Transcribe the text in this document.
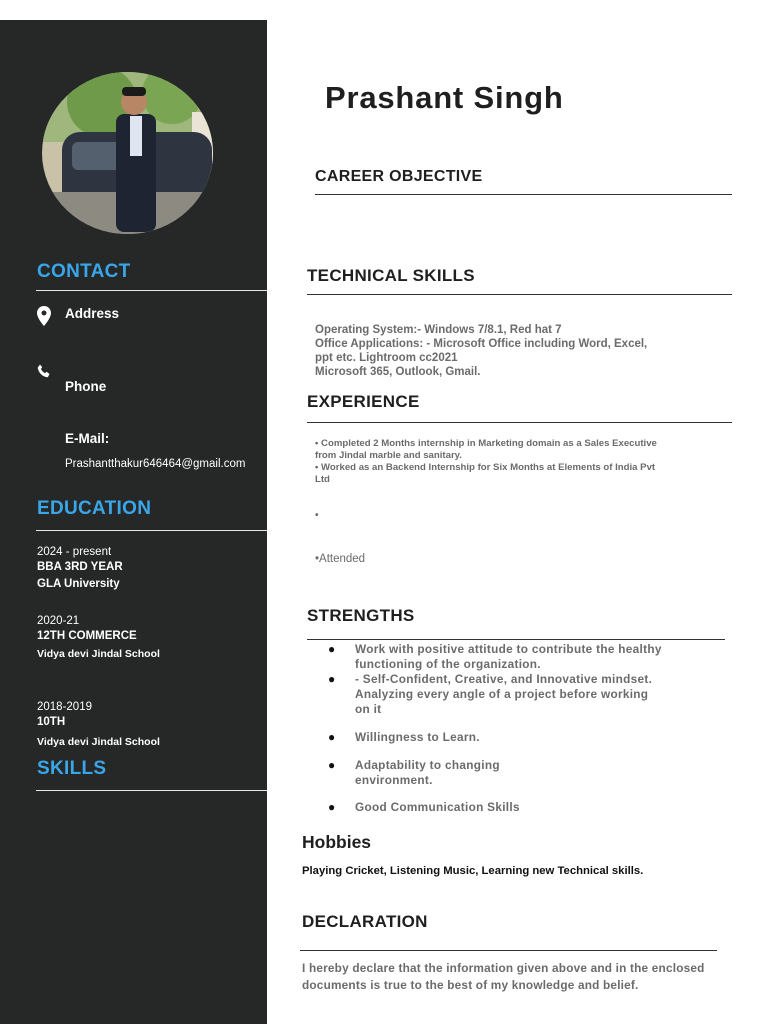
CONTACT
Address
Phone
E-Mail:
Prashantthakur646464@gmail.com
EDUCATION
2024 - present
BBA 3RD YEAR
GLA University
2020-21
12TH COMMERCE
Vidya devi Jindal School
2018-2019
10TH
Vidya devi Jindal School
SKILLS
Prashant Singh
CAREER OBJECTIVE
TECHNICAL SKILLS
Operating System:- Windows 7/8.1, Red hat 7
Office Applications: - Microsoft Office including Word, Excel,
ppt etc. Lightroom cc2021
Microsoft 365, Outlook, Gmail.
EXPERIENCE
• Completed 2 Months internship in Marketing domain as a Sales Executive
from Jindal marble and sanitary.
• Worked as an Backend Internship for Six Months at Elements of India Pvt
Ltd
•
•Attended
STRENGTHS
● Work with positive attitude to contribute the healthy
functioning of the organization.
● - Self-Confident, Creative, and Innovative mindset.
Analyzing every angle of a project before working
on it
● Willingness to Learn.
● Adaptability to changing
environment.
● Good Communication Skills
Hobbies
Playing Cricket, Listening Music, Learning new Technical skills.
DECLARATION
I hereby declare that the information given above and in the enclosed
documents is true to the best of my knowledge and belief.
